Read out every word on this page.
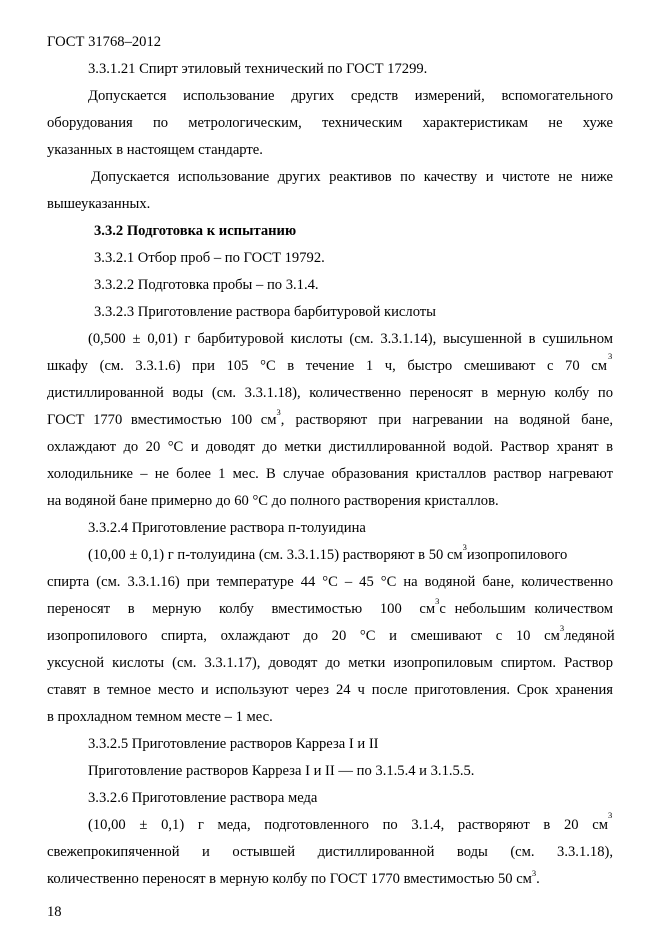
ГОСТ 31768–2012
3.3.1.21 Спирт этиловый технический по ГОСТ 17299.
Допускается использование других средств измерений, вспомогательного
оборудования по метрологическим, техническим характеристикам не хуже
указанных в настоящем стандарте.
Допускается использование других реактивов по качеству и чистоте не ниже
вышеуказанных.
3.3.2 Подготовка к испытанию
3.3.2.1 Отбор проб – по ГОСТ 19792.
3.3.2.2 Подготовка пробы – по 3.1.4.
3.3.2.3 Приготовление раствора барбитуровой кислоты
(0,500 ± 0,01) г барбитуровой кислоты (см. 3.3.1.14), высушенной в сушильном
шкафу (см. 3.3.1.6) при 105 °С в течение 1 ч, быстро смешивают с 70 см
3
дистиллированной воды (см. 3.3.1.18), количественно переносят в мерную колбу по
ГОСТ 1770 вместимостью 100 см 3 , растворяют при нагревании на водяной бане,
охлаждают до 20 °С и доводят до метки дистиллированной водой. Раствор хранят в
холодильнике – не более 1 мес. В случае образования кристаллов раствор нагревают
на водяной бане примерно до 60 °С до полного растворения кристаллов.
3.3.2.4 Приготовление раствора п-толуидина
(10,00 ± 0,1) г п-толуидина (см. 3.3.1.15) растворяют в 50 см 3 изопропилового
спирта (см. 3.3.1.16) при температуре 44 °С – 45 °С на водяной бане, количественно
переносят в мерную колбу вместимостью 100 см 3 с небольшим количеством
изопропилового спирта, охлаждают до 20 °С и смешивают с 10 см 3 ледяной
уксусной кислоты (см. 3.3.1.17), доводят до метки изопропиловым спиртом. Раствор
ставят в темное место и используют через 24 ч после приготовления. Срок хранения
в прохладном темном месте – 1 мес.
3.3.2.5 Приготовление растворов Карреза I и II
Приготовление растворов Карреза I и II — по 3.1.5.4 и 3.1.5.5.
3.3.2.6 Приготовление раствора меда
(10,00 ± 0,1) г меда, подготовленного по 3.1.4, растворяют в 20 см
3
свежепрокипяченной и остывшей дистиллированной воды (см. 3.3.1.18),
количественно переносят в мерную колбу по ГОСТ 1770 вместимостью 50 $см^3$.
18
